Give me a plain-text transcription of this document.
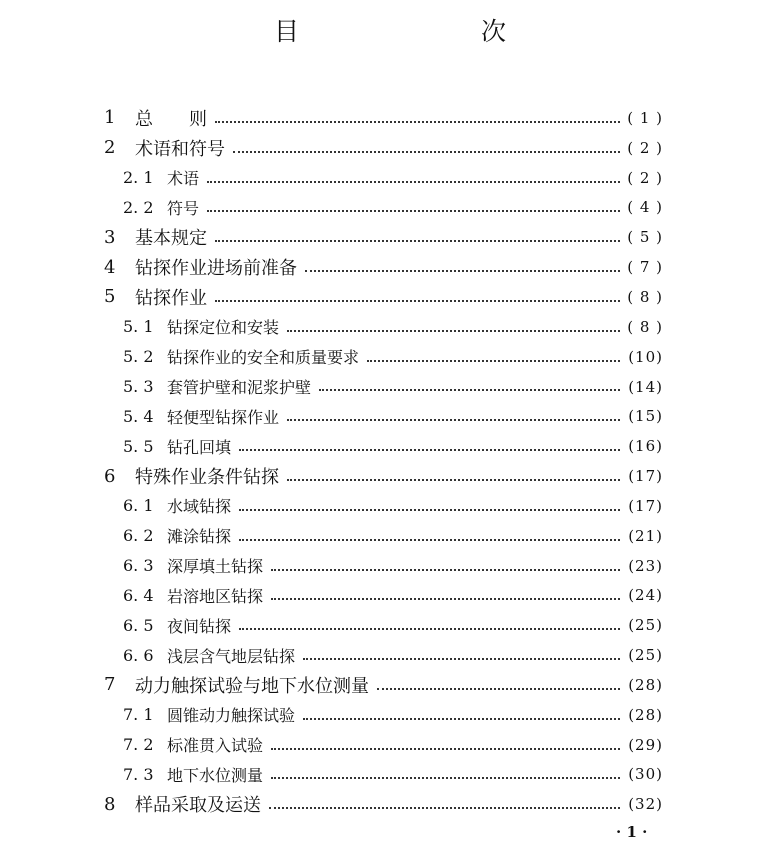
目　　次
1	总　　则	( 1 )
2	术语和符号	( 2 )
2. 1 术语	( 2 )
2. 2 符号	( 4 )
3	基本规定	( 5 )
4	钻探作业进场前准备	( 7 )
5	钻探作业	( 8 )
5. 1 钻探定位和安装	( 8 )
5. 2 钻探作业的安全和质量要求	(10)
5. 3 套管护壁和泥浆护壁	(14)
5. 4 轻便型钻探作业	(15)
5. 5 钻孔回填	(16)
6	特殊作业条件钻探	(17)
6. 1 水域钻探	(17)
6. 2 滩涂钻探	(21)
6. 3 深厚填土钻探	(23)
6. 4 岩溶地区钻探	(24)
6. 5 夜间钻探	(25)
6. 6 浅层含气地层钻探	(25)
7	动力触探试验与地下水位测量	(28)
7. 1 圆锥动力触探试验	(28)
7. 2 标准贯入试验	(29)
7. 3 地下水位测量	(30)
8	样品采取及运送	(32)
· 1 ·
